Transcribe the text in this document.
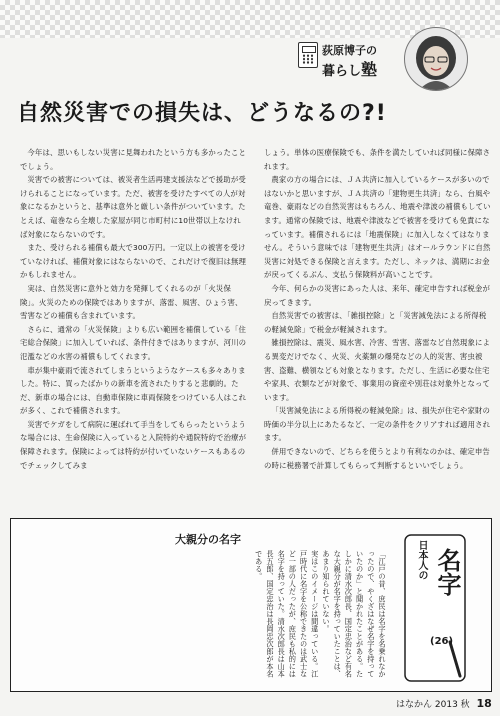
荻原博子の
暮らし塾
自然災害での損失は、どうなるの?!

今年は、思いもしない災害に見舞われたという方も多かったことでしょう。

災害での被害については、被災者生活再建支援法などで援助が受けられることになっています。ただ、被害を受けたすべての人が対象になるかというと、基準は意外と厳しい条件がついています。たとえば、竜巻なら全壊した家屋が同じ市町村に10世帯以上なければ対象にならないのです。

また、受けられる補償も最大で300万円。一定以上の被害を受けていなければ、補償対象にはならないので、これだけで復旧は無理かもしれません。

実は、自然災害に意外と効力を発揮してくれるのが「火災保険」。火災のための保険ではありますが、落雷、風害、ひょう害、雪害などの補償も含まれています。

さらに、通常の「火災保険」よりも広い範囲を補償している「住宅総合保険」に加入していれば、条件付きではありますが、河川の氾濫などの水害の補償もしてくれます。

車が集中豪雨で流されてしまうというようなケースも多々ありました。特に、買ったばかりの新車を流されたりすると悲劇的。ただ、新車の場合には、自動車保険に車両保険をつけている人はこれが多く、これで補償されます。

災害でケガをして病院に運ばれて手当をしてもらったというような場合には、生命保険に入っていると入院特約や通院特約で治療が保障されます。保険によっては特約が付いていないケースもあるのでチェックしてみま

しょう。単体の医療保険でも、条件を満たしていれば同様に保障されます。

農家の方の場合には、ＪＡ共済に加入しているケースが多いのではないかと思いますが、ＪＡ共済の「建物更生共済」なら、台風や竜巻、豪雨などの自然災害はもちろん、地震や津波の補償もしています。通常の保険では、地震や津波などで被害を受けても免責になっています。補償されるには「地震保険」に加入しなくてはなりません。そういう意味では「建物更生共済」はオールラウンドに自然災害に対処できる保険と言えます。ただし、ネックは、満期にお金が戻ってくるぶん、支払う保険料が高いことです。

今年、何らかの災害にあった人は、来年、確定申告すれば税金が戻ってきます。

自然災害での被害は、「雑損控除」と「災害減免法による所得税の軽減免除」で税金が軽減されます。

雑損控除は、震災、風水害、冷害、雪害、落雷など自然現象による異変だけでなく、火災、火薬類の爆発などの人的災害、害虫被害、盗難、横領なども対象となります。ただし、生活に必要な住宅や家具、衣類などが対象で、事業用の資産や別荘は対象外となっています。

「災害減免法による所得税の軽減免除」は、損失が住宅や家財の時価の半分以上にあたるなど、一定の条件をクリアすれば適用されます。

併用できないので、どちらを使うとより有利なのかは、確定申告の時に税務署で計算してもらって判断するといいでしょう。

大親分の名字

「江戸の昔、庶民は名字を名乗れなかったので、やくざはなぜ名字を持っていたのか」と聞かれたことがある。たしかに清水次郎長、国定忠治など有名な大親分が名字を持っていたことは、あまり知られていない。

実はこのイメージは間違っている。江戸時代に名字を公称できたのは武士など一部の人だったが、庶民も私的には名字を持っていた。清水次郎長は山本長五郎、国定忠治は長岡忠次郎が本名である。	日本人の 名字
(26)
はなかん 2013 秋 18
